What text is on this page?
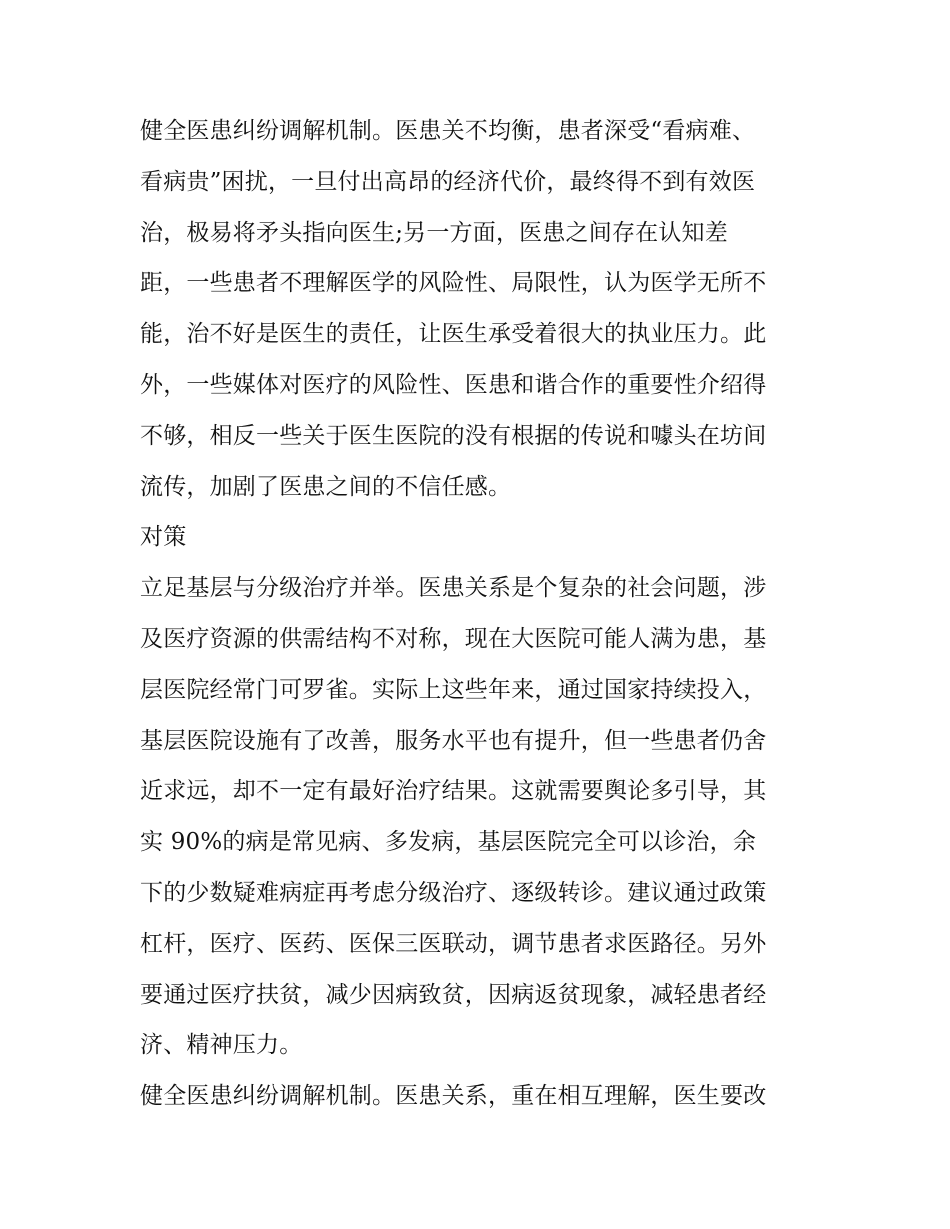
健全医患纠纷调解机制。医患关不均衡，患者深受“看病难、
看病贵”困扰，一旦付出高昂的经济代价，最终得不到有效医
治，极易将矛头指向医生;另一方面，医患之间存在认知差
距，一些患者不理解医学的风险性、局限性，认为医学无所不
能，治不好是医生的责任，让医生承受着很大的执业压力。此
外，一些媒体对医疗的风险性、医患和谐合作的重要性介绍得
不够，相反一些关于医生医院的没有根据的传说和噱头在坊间
流传，加剧了医患之间的不信任感。
对策
立足基层与分级治疗并举。医患关系是个复杂的社会问题，涉
及医疗资源的供需结构不对称，现在大医院可能人满为患，基
层医院经常门可罗雀。实际上这些年来，通过国家持续投入，
基层医院设施有了改善，服务水平也有提升，但一些患者仍舍
近求远，却不一定有最好治疗结果。这就需要舆论多引导，其
实 90%的病是常见病、多发病，基层医院完全可以诊治，余
下的少数疑难病症再考虑分级治疗、逐级转诊。建议通过政策
杠杆，医疗、医药、医保三医联动，调节患者求医路径。另外
要通过医疗扶贫，减少因病致贫，因病返贫现象，减轻患者经
济、精神压力。
健全医患纠纷调解机制。医患关系，重在相互理解，医生要改
